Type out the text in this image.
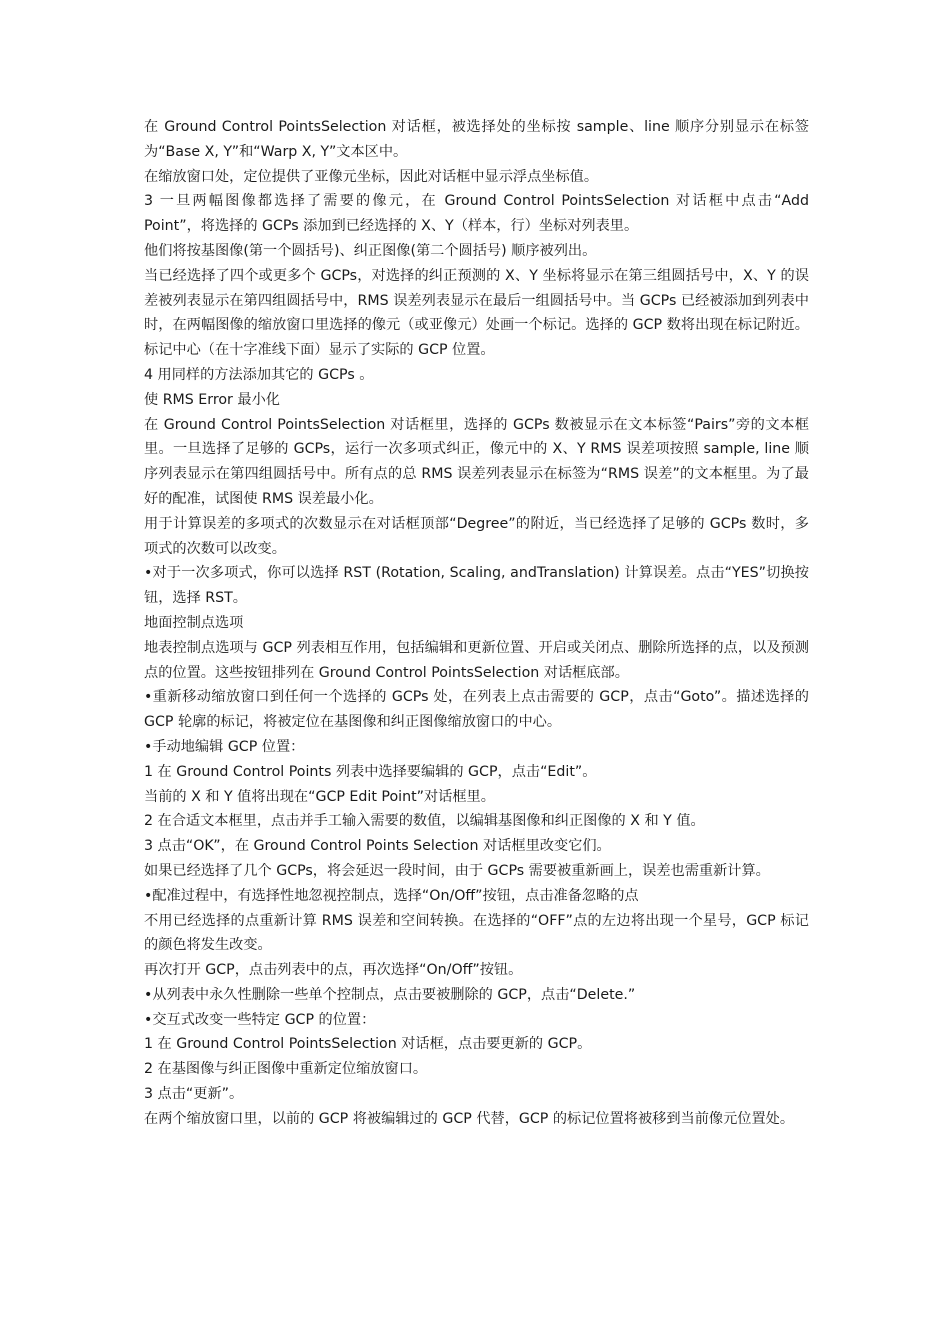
在 Ground Control PointsSelection 对话框，被选择处的坐标按 sample、line 顺序分别显示在标签为“Base X, Y”和“Warp X, Y”文本区中。

在缩放窗口处，定位提供了亚像元坐标，因此对话框中显示浮点坐标值。

3 一旦两幅图像都选择了需要的像元，在 Ground Control PointsSelection 对话框中点击“Add Point”，将选择的 GCPs 添加到已经选择的 X、Y（样本，行）坐标对列表里。

他们将按基图像(第一个圆括号)、纠正图像(第二个圆括号) 顺序被列出。

当已经选择了四个或更多个 GCPs，对选择的纠正预测的 X、Y 坐标将显示在第三组圆括号中，X、Y 的误差被列表显示在第四组圆括号中，RMS 误差列表显示在最后一组圆括号中。当 GCPs 已经被添加到列表中时，在两幅图像的缩放窗口里选择的像元（或亚像元）处画一个标记。选择的 GCP 数将出现在标记附近。标记中心（在十字准线下面）显示了实际的 GCP 位置。

4 用同样的方法添加其它的 GCPs 。

使 RMS Error 最小化

在 Ground Control PointsSelection 对话框里，选择的 GCPs 数被显示在文本标签“Pairs”旁的文本框里。一旦选择了足够的 GCPs，运行一次多项式纠正，像元中的 X、Y RMS 误差项按照 sample, line 顺序列表显示在第四组圆括号中。所有点的总 RMS 误差列表显示在标签为“RMS 误差”的文本框里。为了最好的配准，试图使 RMS 误差最小化。

用于计算误差的多项式的次数显示在对话框顶部“Degree”的附近，当已经选择了足够的 GCPs 数时，多项式的次数可以改变。

•对于一次多项式，你可以选择 RST (Rotation, Scaling, andTranslation) 计算误差。点击“YES”切换按钮，选择 RST。

地面控制点选项

地表控制点选项与 GCP 列表相互作用，包括编辑和更新位置、开启或关闭点、删除所选择的点，以及预测点的位置。这些按钮排列在 Ground Control PointsSelection 对话框底部。

•重新移动缩放窗口到任何一个选择的 GCPs 处，在列表上点击需要的 GCP，点击“Goto”。描述选择的 GCP 轮廓的标记，将被定位在基图像和纠正图像缩放窗口的中心。

•手动地编辑 GCP 位置：

1 在 Ground Control Points 列表中选择要编辑的 GCP，点击“Edit”。

当前的 X 和 Y 值将出现在“GCP Edit Point”对话框里。

2 在合适文本框里，点击并手工输入需要的数值，以编辑基图像和纠正图像的 X 和 Y 值。

3 点击“OK”，在 Ground Control Points Selection 对话框里改变它们。

如果已经选择了几个 GCPs，将会延迟一段时间，由于 GCPs 需要被重新画上，误差也需重新计算。

•配准过程中，有选择性地忽视控制点，选择“On/Off”按钮，点击准备忽略的点

不用已经选择的点重新计算 RMS 误差和空间转换。在选择的“OFF”点的左边将出现一个星号，GCP 标记的颜色将发生改变。

再次打开 GCP，点击列表中的点，再次选择“On/Off”按钮。

•从列表中永久性删除一些单个控制点，点击要被删除的 GCP，点击“Delete.”

•交互式改变一些特定 GCP 的位置：

1 在 Ground Control PointsSelection 对话框，点击要更新的 GCP。

2 在基图像与纠正图像中重新定位缩放窗口。

3 点击“更新”。

在两个缩放窗口里，以前的 GCP 将被编辑过的 GCP 代替，GCP 的标记位置将被移到当前像元位置处。
